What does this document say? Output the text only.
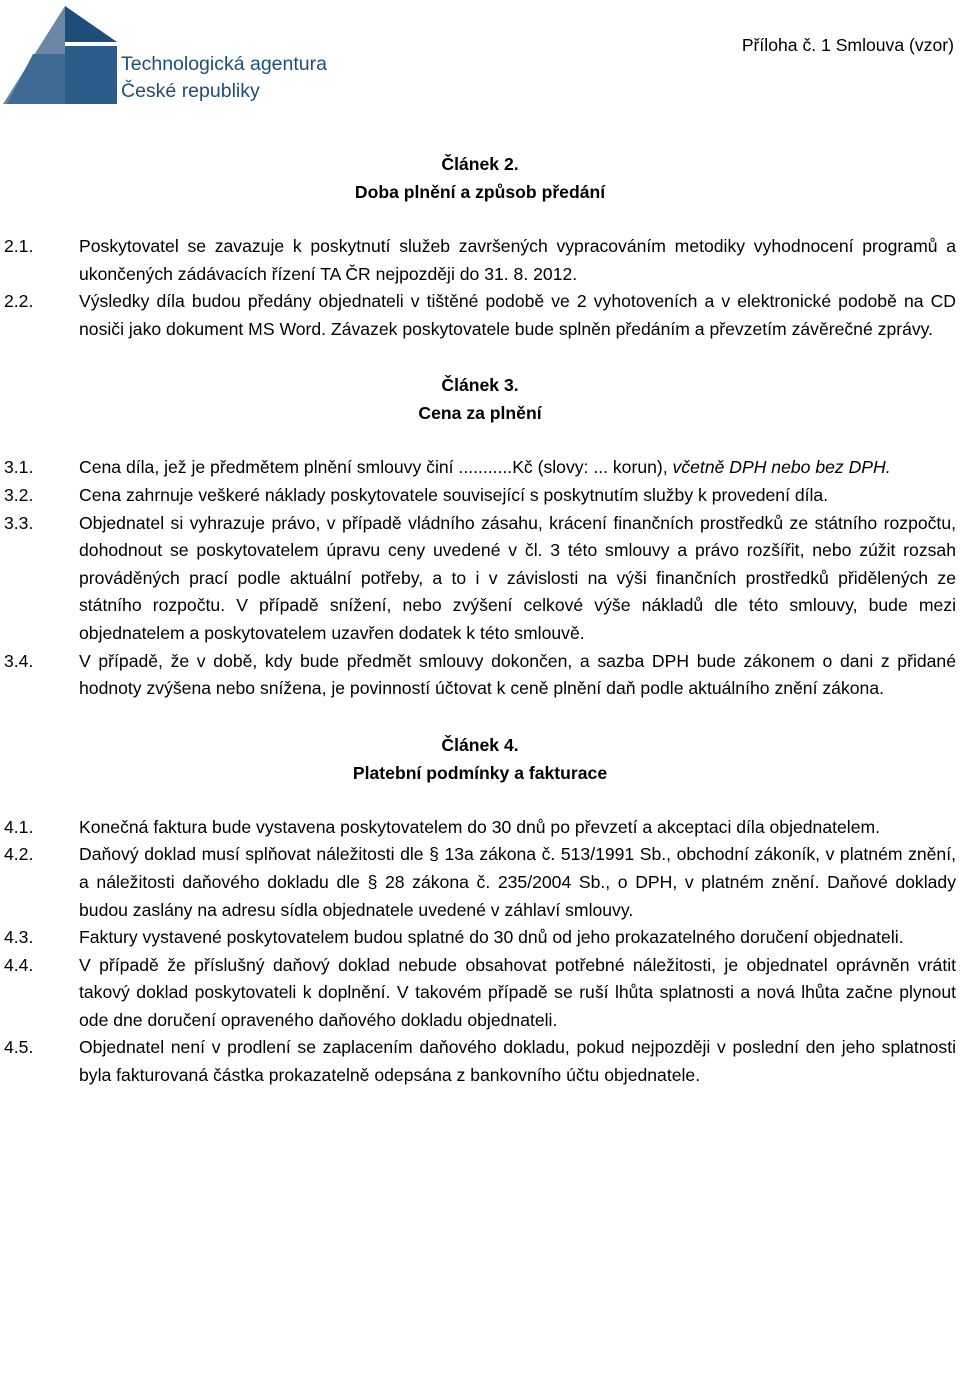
Technologická agentura
České republiky
Příloha č. 1 Smlouva (vzor)
Článek 2.
Doba plnění a způsob předání
2.1.	Poskytovatel se zavazuje k poskytnutí služeb završených vypracováním metodiky vyhodnocení programů a ukončených zádávacích řízení TA ČR nejpozději do 31. 8. 2012.
2.2.	Výsledky díla budou předány objednateli v tištěné podobě ve 2 vyhotoveních a v elektronické podobě na CD nosiči jako dokument MS Word. Závazek poskytovatele bude splněn předáním a převzetím závěrečné zprávy.
Článek 3.
Cena za plnění
3.1.	Cena díla, jež je předmětem plnění smlouvy činí ...........Kč (slovy: ... korun), včetně DPH nebo bez DPH.
3.2.	Cena zahrnuje veškeré náklady poskytovatele související s poskytnutím služby k provedení díla.
3.3.	Objednatel si vyhrazuje právo, v případě vládního zásahu, krácení finančních prostředků ze státního rozpočtu, dohodnout se poskytovatelem úpravu ceny uvedené v čl. 3 této smlouvy a právo rozšířit, nebo zúžit rozsah prováděných prací podle aktuální potřeby, a to i v závislosti na výši finančních prostředků přidělených ze státního rozpočtu. V případě snížení, nebo zvýšení celkové výše nákladů dle této smlouvy, bude mezi objednatelem a poskytovatelem uzavřen dodatek k této smlouvě.
3.4.	V případě, že v době, kdy bude předmět smlouvy dokončen, a sazba DPH bude zákonem o dani z přidané hodnoty zvýšena nebo snížena, je povinností účtovat k ceně plnění daň podle aktuálního znění zákona.
Článek 4.
Platební podmínky a fakturace
4.1.	Konečná faktura bude vystavena poskytovatelem do 30 dnů po převzetí a akceptaci díla objednatelem.
4.2.	Daňový doklad musí splňovat náležitosti dle § 13a zákona č. 513/1991 Sb., obchodní zákoník, v platném znění, a náležitosti daňového dokladu dle § 28 zákona č. 235/2004 Sb., o DPH, v platném znění. Daňové doklady budou zaslány na adresu sídla objednatele uvedené v záhlaví smlouvy.
4.3.	Faktury vystavené poskytovatelem budou splatné do 30 dnů od jeho prokazatelného doručení objednateli.
4.4.	V případě že příslušný daňový doklad nebude obsahovat potřebné náležitosti, je objednatel oprávněn vrátit takový doklad poskytovateli k doplnění. V takovém případě se ruší lhůta splatnosti a nová lhůta začne plynout ode dne doručení opraveného daňového dokladu objednateli.
4.5.	Objednatel není v prodlení se zaplacením daňového dokladu, pokud nejpozději v poslední den jeho splatnosti byla fakturovaná částka prokazatelně odepsána z bankovního účtu objednatele.
